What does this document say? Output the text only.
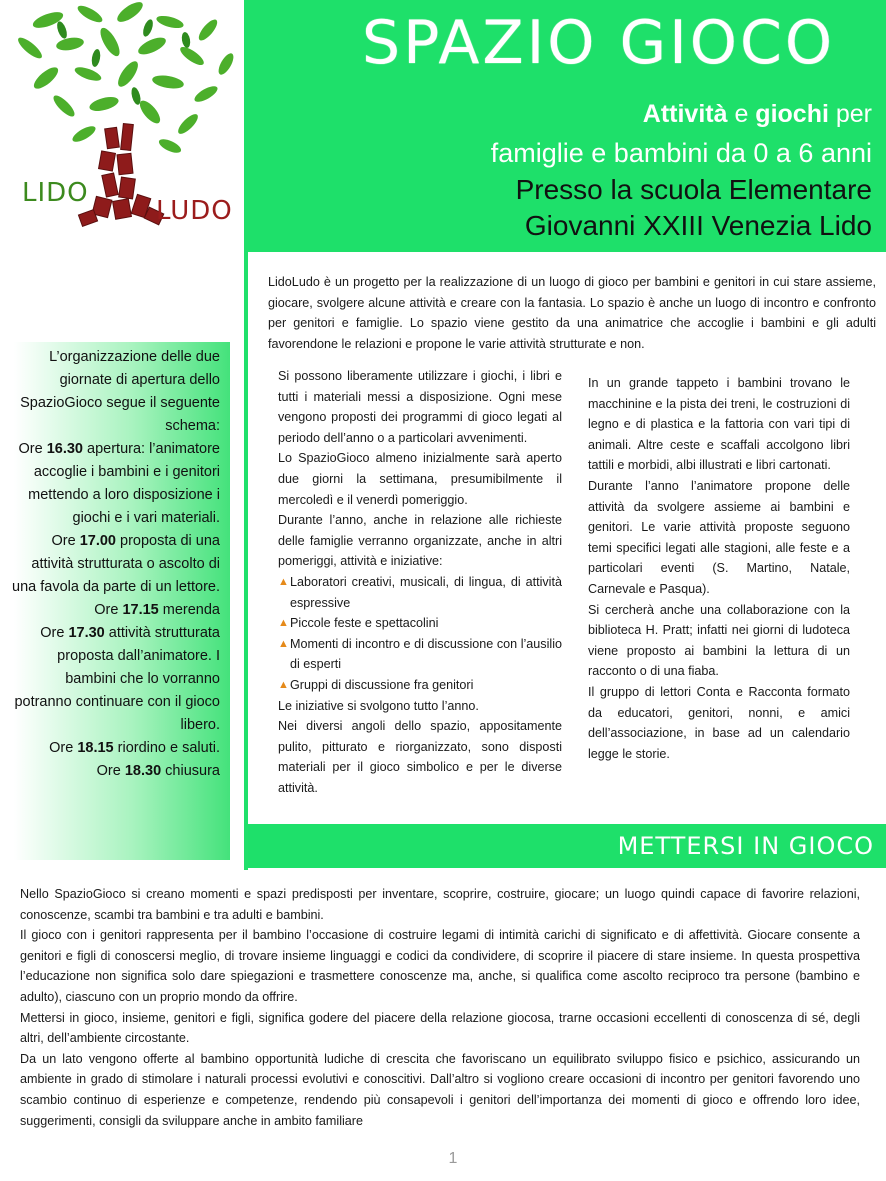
LIDO
LUDO
SPAZIO GIOCO
Attività e giochi per
famiglie e bambini da 0 a 6 anni
Presso la scuola Elementare
Giovanni XXIII Venezia Lido

L’organizzazione delle due giornate di apertura dello SpazioGioco segue il seguente schema:

Ore 16.30 apertura: l’animatore accoglie i bambini e i genitori mettendo a loro disposizione i giochi e i vari materiali.

Ore 17.00 proposta di una attività strutturata o ascolto di una favola da parte di un lettore.

Ore 17.15 merenda

Ore 17.30 attività strutturata proposta dall’animatore. I bambini che lo vorranno potranno continuare con il gioco libero.

Ore 18.15 riordino e saluti.

Ore 18.30 chiusura

LidoLudo è un progetto per la realizzazione di un luogo di gioco per bambini e genitori in cui stare assieme, giocare, svolgere alcune attività e creare con la fantasia. Lo spazio è anche un luogo di incontro e confronto per genitori e famiglie. Lo spazio viene gestito da una animatrice che accoglie i bambini e gli adulti favorendone le relazioni e propone le varie attività strutturate e non.

Si possono liberamente utilizzare i giochi, i libri e tutti i materiali messi a disposizione. Ogni mese vengono proposti dei programmi di gioco legati al periodo dell’anno o a particolari avvenimenti.

Lo SpazioGioco almeno inizialmente sarà aperto due giorni la settimana, presumibilmente il mercoledì e il venerdì pomeriggio.

Durante l’anno, anche in relazione alle richieste delle famiglie verranno organizzate, anche in altri pomeriggi, attività e iniziative:

▲ Laboratori creativi, musicali, di lingua, di attività espressive
▲ Piccole feste e spettacolini
▲ Momenti di incontro e di discussione con l’ausilio di esperti
▲ Gruppi di discussione fra genitori

Le iniziative si svolgono tutto l’anno.

Nei diversi angoli dello spazio, appositamente pulito, pitturato e riorganizzato, sono disposti materiali per il gioco simbolico e per le diverse attività.

In un grande tappeto i bambini trovano le macchinine e la pista dei treni, le costruzioni di legno e di plastica e la fattoria con vari tipi di animali. Altre ceste e scaffali accolgono libri tattili e morbidi, albi illustrati e libri cartonati.

Durante l’anno l’animatore propone delle attività da svolgere assieme ai bambini e genitori. Le varie attività proposte seguono temi specifici legati alle stagioni, alle feste e a particolari eventi (S. Martino, Natale, Carnevale e Pasqua).

Si cercherà anche una collaborazione con la biblioteca H. Pratt; infatti nei giorni di ludoteca viene proposto ai bambini la lettura di un racconto o di una fiaba.

Il gruppo di lettori Conta e Racconta formato da educatori, genitori, nonni, e amici dell’associazione, in base ad un calendario legge le storie.

METTERSI IN GIOCO

Nello SpazioGioco si creano momenti e spazi predisposti per inventare, scoprire, costruire, giocare; un luogo quindi capace di favorire relazioni, conoscenze, scambi tra bambini e tra adulti e bambini.

Il gioco con i genitori rappresenta per il bambino l’occasione di costruire legami di intimità carichi di significato e di affettività. Giocare consente a genitori e figli di conoscersi meglio, di trovare insieme linguaggi e codici da condividere, di scoprire il piacere di stare insieme. In questa prospettiva l’educazione non significa solo dare spiegazioni e trasmettere conoscenze ma, anche, si qualifica come ascolto reciproco tra persone (bambino e adulto), ciascuno con un proprio mondo da offrire.

Mettersi in gioco, insieme, genitori e figli, significa godere del piacere della relazione giocosa, trarne occasioni eccellenti di conoscenza di sé, degli altri, dell’ambiente circostante.

Da un lato vengono offerte al bambino opportunità ludiche di crescita che favoriscano un equilibrato sviluppo fisico e psichico, assicurando un ambiente in grado di stimolare i naturali processi evolutivi e conoscitivi. Dall’altro si vogliono creare occasioni di incontro per genitori favorendo uno scambio continuo di esperienze e competenze, rendendo più consapevoli i genitori dell’importanza dei momenti di gioco e offrendo loro idee, suggerimenti, consigli da sviluppare anche in ambito familiare

1
